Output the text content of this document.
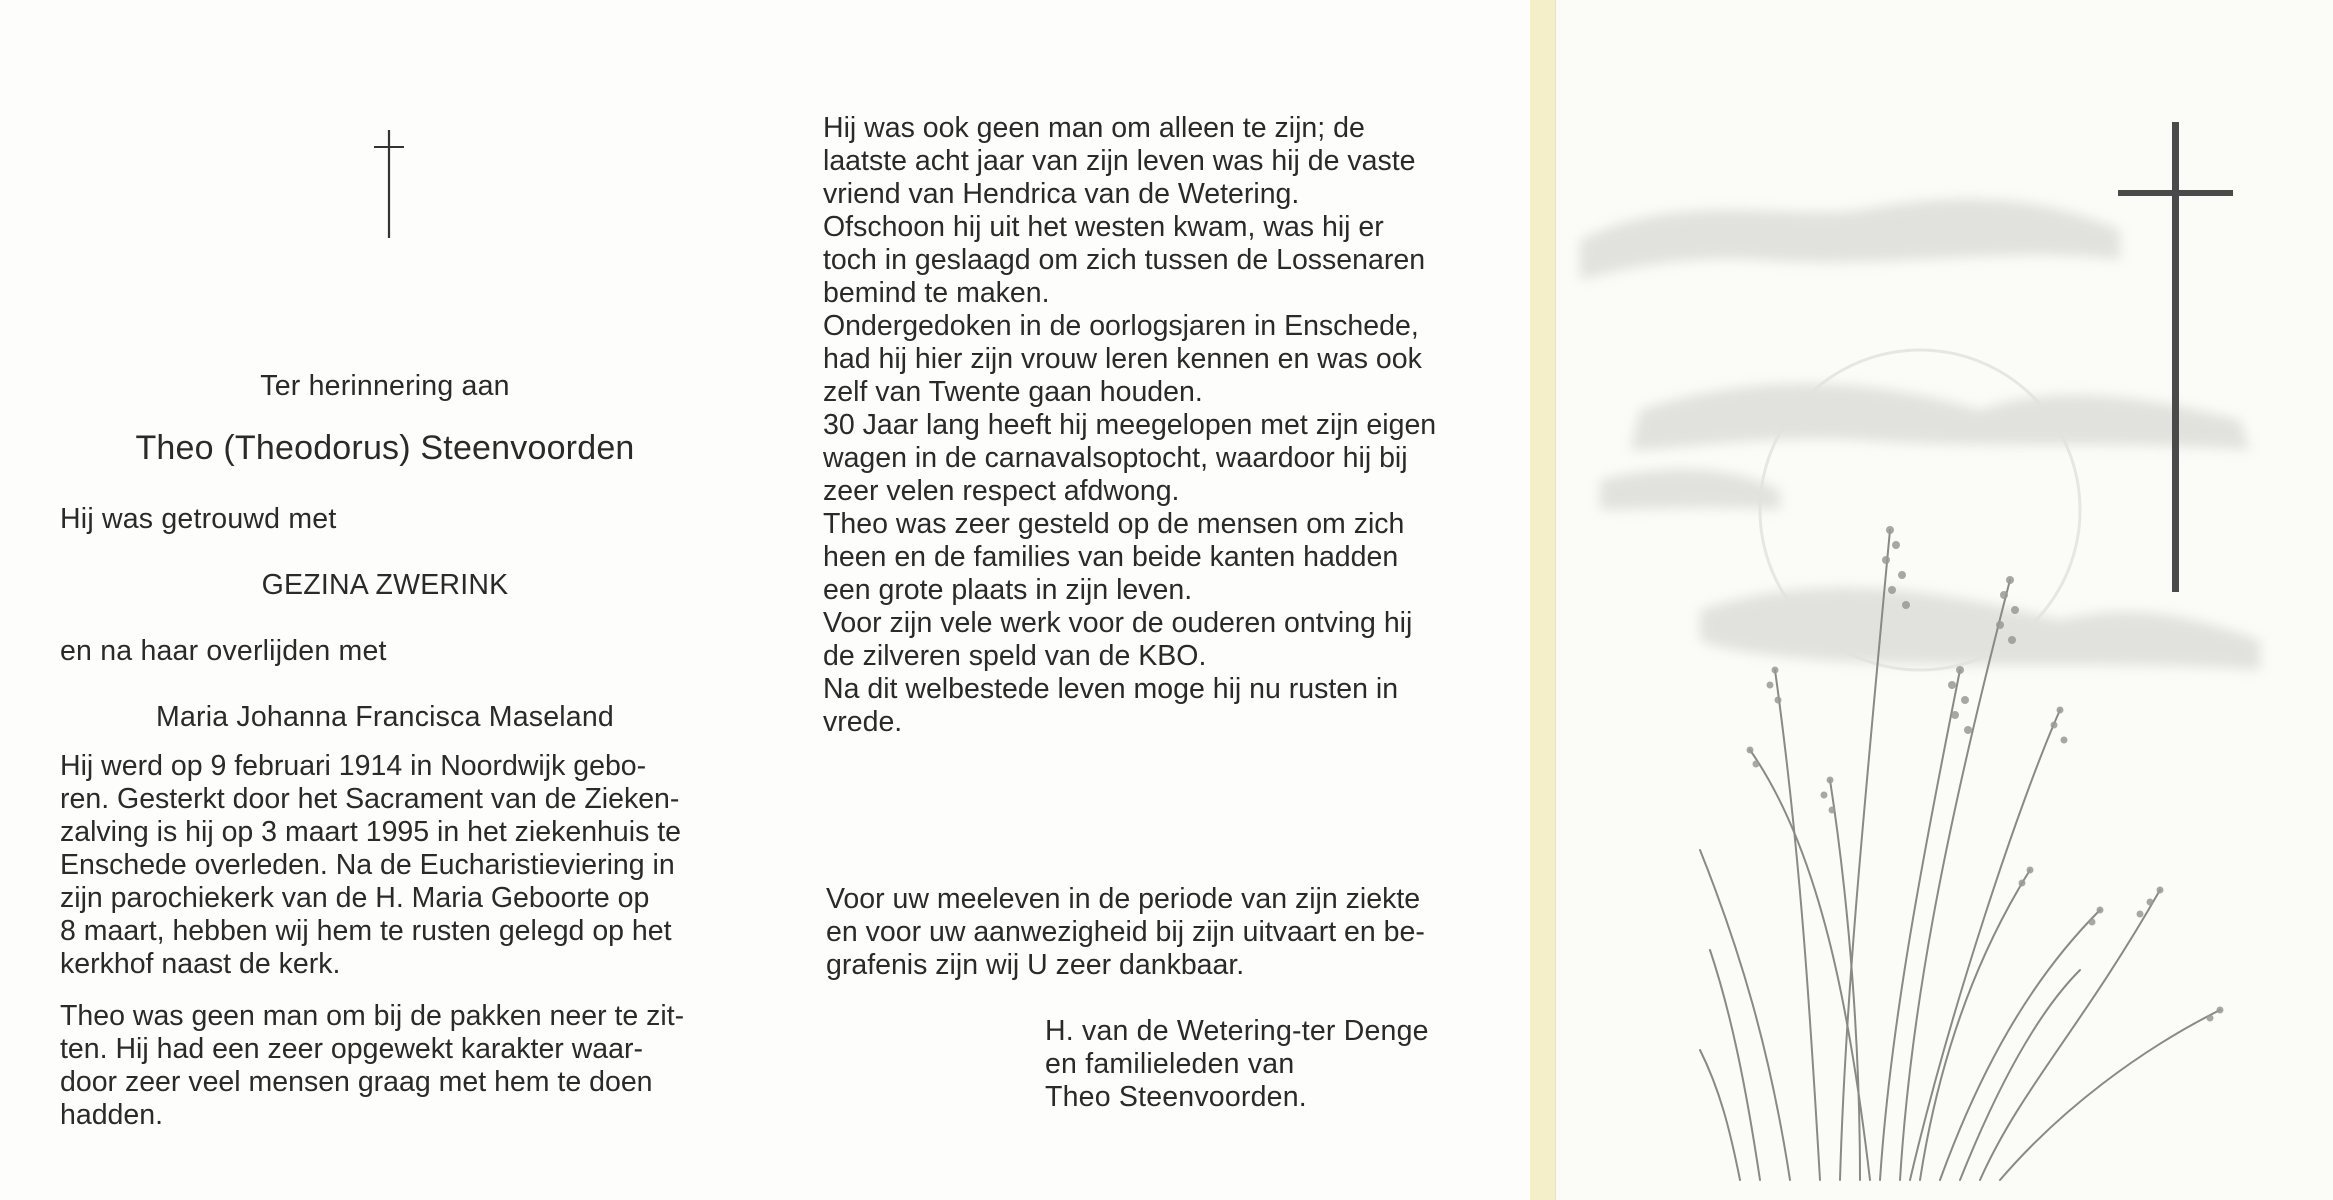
Ter herinnering aan
Theo (Theodorus) Steenvoorden
Hij was getrouwd met
GEZINA ZWERINK
en na haar overlijden met
Maria Johanna Francisca Maseland
Hij werd op 9 februari 1914 in Noordwijk gebo-
ren. Gesterkt door het Sacrament van de Zieken-
zalving is hij op 3 maart 1995 in het ziekenhuis te
Enschede overleden. Na de Eucharistieviering in
zijn parochiekerk van de H. Maria Geboorte op
8 maart, hebben wij hem te rusten gelegd op het
kerkhof naast de kerk.
Theo was geen man om bij de pakken neer te zit-
ten. Hij had een zeer opgewekt karakter waar-
door zeer veel mensen graag met hem te doen
hadden.
Hij was ook geen man om alleen te zijn; de
laatste acht jaar van zijn leven was hij de vaste
vriend van Hendrica van de Wetering.
Ofschoon hij uit het westen kwam, was hij er
toch in geslaagd om zich tussen de Lossenaren
bemind te maken.
Ondergedoken in de oorlogsjaren in Enschede,
had hij hier zijn vrouw leren kennen en was ook
zelf van Twente gaan houden.
30 Jaar lang heeft hij meegelopen met zijn eigen
wagen in de carnavalsoptocht, waardoor hij bij
zeer velen respect afdwong.
Theo was zeer gesteld op de mensen om zich
heen en de families van beide kanten hadden
een grote plaats in zijn leven.
Voor zijn vele werk voor de ouderen ontving hij
de zilveren speld van de KBO.
Na dit welbestede leven moge hij nu rusten in
vrede.
Voor uw meeleven in de periode van zijn ziekte
en voor uw aanwezigheid bij zijn uitvaart en be-
grafenis zijn wij U zeer dankbaar.
H. van de Wetering-ter Denge
en familieleden van
Theo Steenvoorden.
